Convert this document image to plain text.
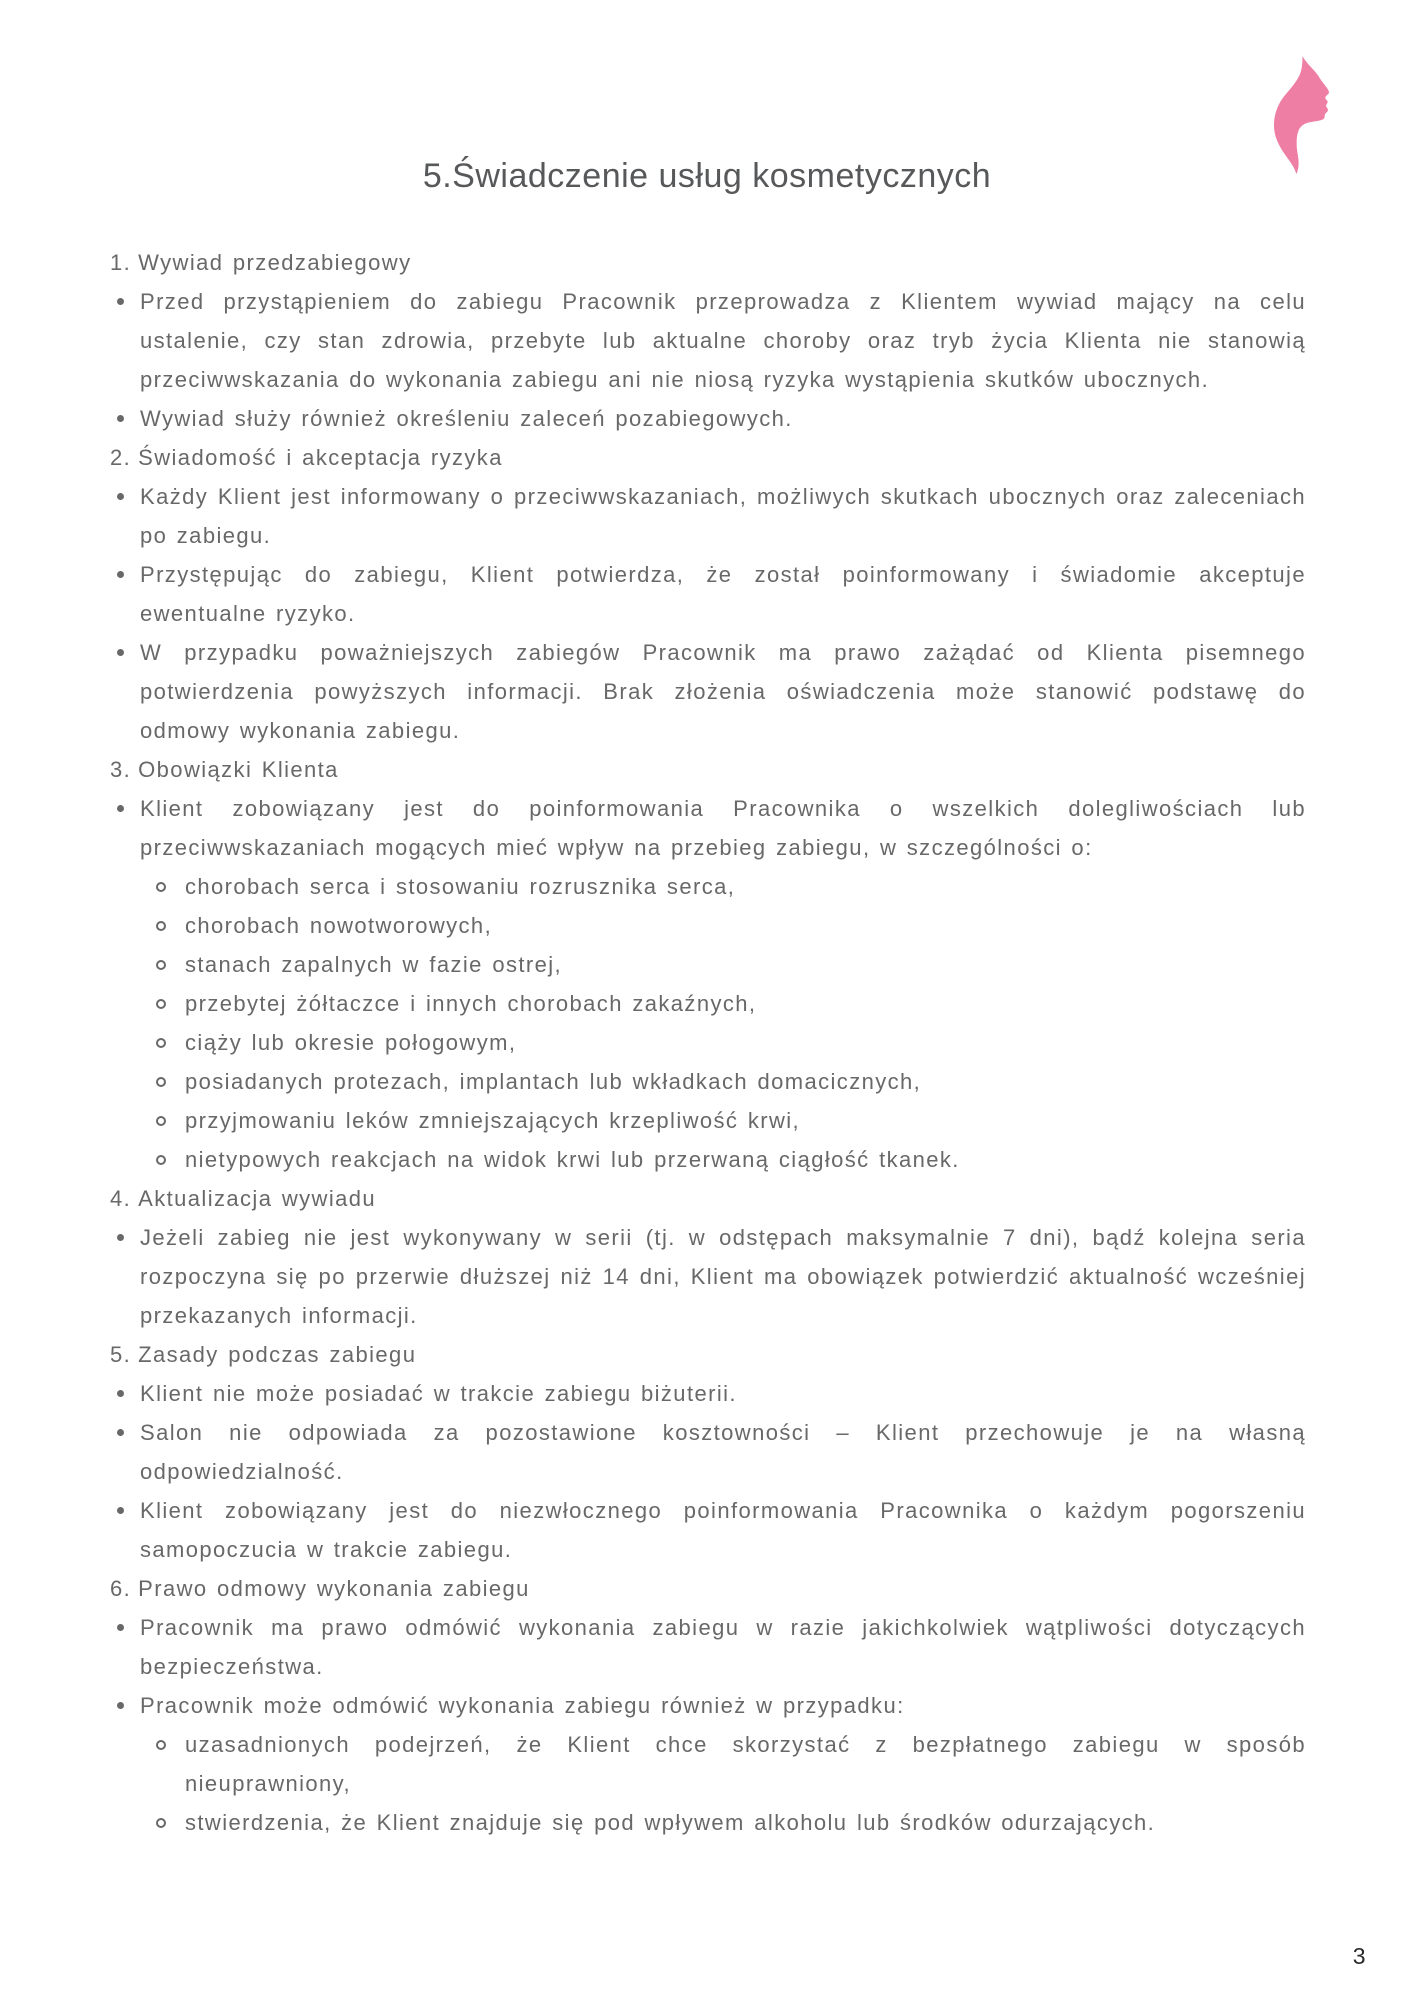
5.Świadczenie usług kosmetycznych
1. Wywiad przedzabiegowy
Przed przystąpieniem do zabiegu Pracownik przeprowadza z Klientem wywiad mający na celu ustalenie, czy stan zdrowia, przebyte lub aktualne choroby oraz tryb życia Klienta nie stanowią przeciwwskazania do wykonania zabiegu ani nie niosą ryzyka wystąpienia skutków ubocznych.
Wywiad służy również określeniu zaleceń pozabiegowych.
2. Świadomość i akceptacja ryzyka
Każdy Klient jest informowany o przeciwwskazaniach, możliwych skutkach ubocznych oraz zaleceniach po zabiegu.
Przystępując do zabiegu, Klient potwierdza, że został poinformowany i świadomie akceptuje ewentualne ryzyko.
W przypadku poważniejszych zabiegów Pracownik ma prawo zażądać od Klienta pisemnego potwierdzenia powyższych informacji. Brak złożenia oświadczenia może stanowić podstawę do odmowy wykonania zabiegu.
3. Obowiązki Klienta
Klient zobowiązany jest do poinformowania Pracownika o wszelkich dolegliwościach lub przeciwwskazaniach mogących mieć wpływ na przebieg zabiegu, w szczególności o:
chorobach serca i stosowaniu rozrusznika serca,
chorobach nowotworowych,
stanach zapalnych w fazie ostrej,
przebytej żółtaczce i innych chorobach zakaźnych,
ciąży lub okresie połogowym,
posiadanych protezach, implantach lub wkładkach domacicznych,
przyjmowaniu leków zmniejszających krzepliwość krwi,
nietypowych reakcjach na widok krwi lub przerwaną ciągłość tkanek.
4. Aktualizacja wywiadu
Jeżeli zabieg nie jest wykonywany w serii (tj. w odstępach maksymalnie 7 dni), bądź kolejna seria rozpoczyna się po przerwie dłuższej niż 14 dni, Klient ma obowiązek potwierdzić aktualność wcześniej przekazanych informacji.
5. Zasady podczas zabiegu
Klient nie może posiadać w trakcie zabiegu biżuterii.
Salon nie odpowiada za pozostawione kosztowności – Klient przechowuje je na własną odpowiedzialność.
Klient zobowiązany jest do niezwłocznego poinformowania Pracownika o każdym pogorszeniu samopoczucia w trakcie zabiegu.
6. Prawo odmowy wykonania zabiegu
Pracownik ma prawo odmówić wykonania zabiegu w razie jakichkolwiek wątpliwości dotyczących bezpieczeństwa.
Pracownik może odmówić wykonania zabiegu również w przypadku:
uzasadnionych podejrzeń, że Klient chce skorzystać z bezpłatnego zabiegu w sposób nieuprawniony,
stwierdzenia, że Klient znajduje się pod wpływem alkoholu lub środków odurzających.
3
